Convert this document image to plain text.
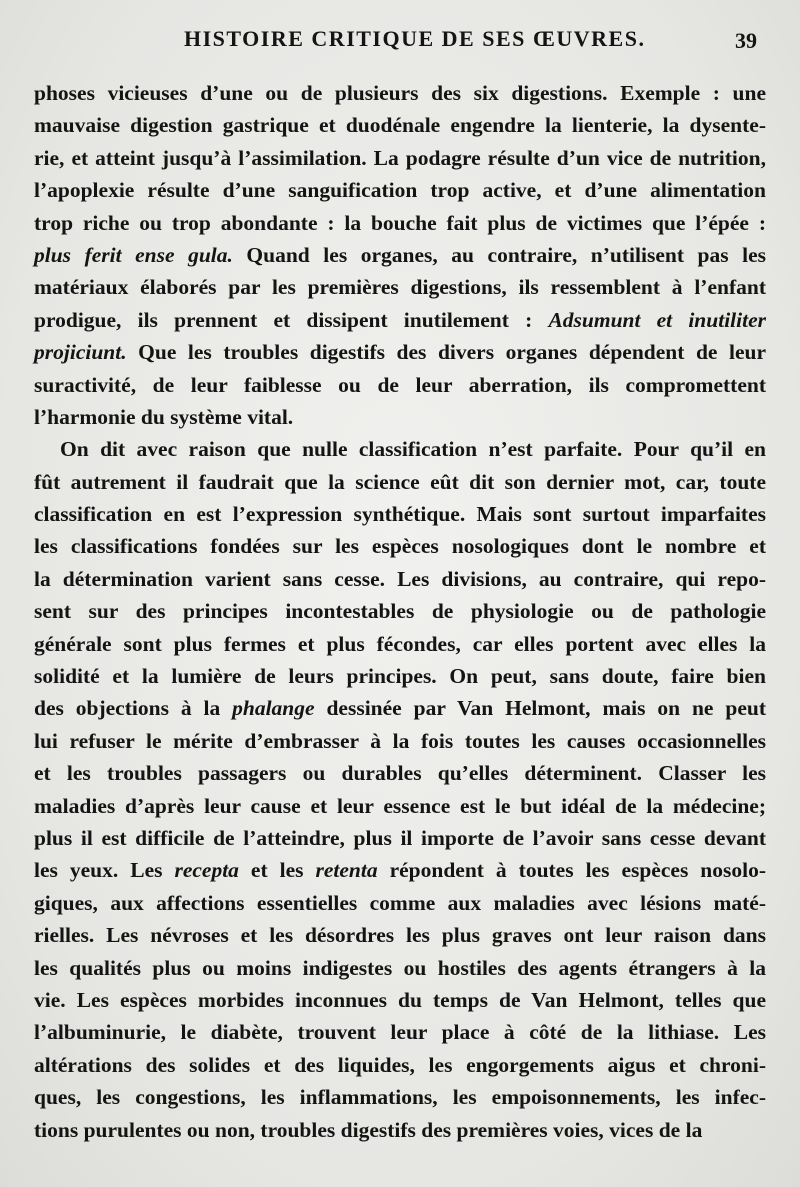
HISTOIRE CRITIQUE DE SES ŒUVRES.	39
phoses vicieuses d’une ou de plusieurs des six digestions. Exemple : une
mauvaise digestion gastrique et duodénale engendre la lienterie, la dysente-
rie, et atteint jusqu’à l’assimilation. La podagre résulte d’un vice de nutrition,
l’apoplexie résulte d’une sanguification trop active, et d’une alimentation
trop riche ou trop abondante : la bouche fait plus de victimes que l’épée :
plus ferit ense gula. Quand les organes, au contraire, n’utilisent pas les
matériaux élaborés par les premières digestions, ils ressemblent à l’enfant
prodigue, ils prennent et dissipent inutilement : Adsumunt et inutiliter
projiciunt. Que les troubles digestifs des divers organes dépendent de leur
suractivité, de leur faiblesse ou de leur aberration, ils compromettent
l’harmonie du système vital.
On dit avec raison que nulle classification n’est parfaite. Pour qu’il en
fût autrement il faudrait que la science eût dit son dernier mot, car, toute
classification en est l’expression synthétique. Mais sont surtout imparfaites
les classifications fondées sur les espèces nosologiques dont le nombre et
la détermination varient sans cesse. Les divisions, au contraire, qui repo-
sent sur des principes incontestables de physiologie ou de pathologie
générale sont plus fermes et plus fécondes, car elles portent avec elles la
solidité et la lumière de leurs principes. On peut, sans doute, faire bien
des objections à la phalange dessinée par Van Helmont, mais on ne peut
lui refuser le mérite d’embrasser à la fois toutes les causes occasionnelles
et les troubles passagers ou durables qu’elles déterminent. Classer les
maladies d’après leur cause et leur essence est le but idéal de la médecine;
plus il est difficile de l’atteindre, plus il importe de l’avoir sans cesse devant
les yeux. Les recepta et les retenta répondent à toutes les espèces nosolo-
giques, aux affections essentielles comme aux maladies avec lésions maté-
rielles. Les névroses et les désordres les plus graves ont leur raison dans
les qualités plus ou moins indigestes ou hostiles des agents étrangers à la
vie. Les espèces morbides inconnues du temps de Van Helmont, telles que
l’albuminurie, le diabète, trouvent leur place à côté de la lithiase. Les
altérations des solides et des liquides, les engorgements aigus et chroni-
ques, les congestions, les inflammations, les empoisonnements, les infec-
tions purulentes ou non, troubles digestifs des premières voies, vices de la
